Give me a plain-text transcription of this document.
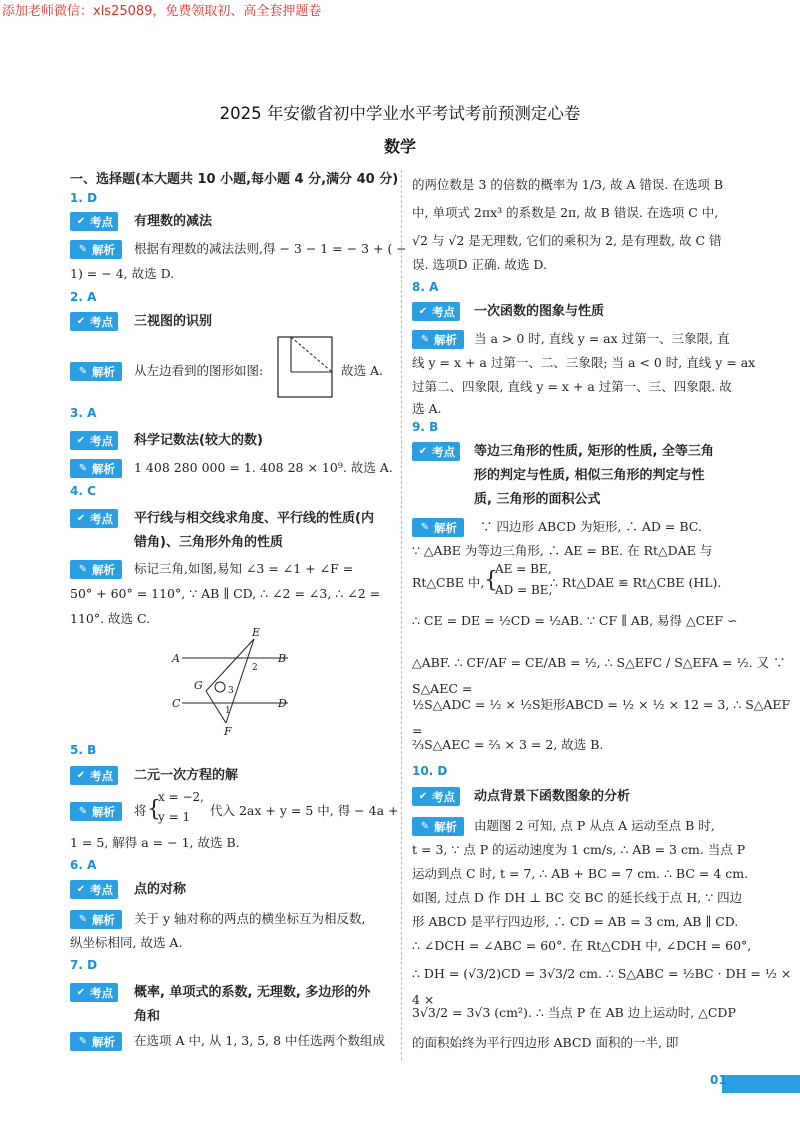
添加老师微信：xls25089，免费领取初、高全套押题卷
2025 年安徽省初中学业水平考试考前预测定心卷
数学
一、选择题(本大题共 10 小题,每小题 4 分,满分 40 分)
1. D
✔ 考点 有理数的减法
✎ 解析 根据有理数的减法法则,得 − 3 − 1 = − 3 + ( −
1) = − 4, 故选 D.
2. A
✔ 考点 三视图的识别
✎ 解析 从左边看到的图形如图:	故选 A.
3. A
✔ 考点 科学记数法(较大的数)
✎ 解析 1 408 280 000 = 1. 408 28 × 10⁹. 故选 A.
4. C
✔ 考点 平行线与相交线求角度、平行线的性质(内
错角)、三角形外角的性质
✎ 解析 标记三角,如图,易知 ∠3 = ∠1 + ∠F =
50° + 60° = 110°, ∵ AB ∥ CD, ∴ ∠2 = ∠3, ∴ ∠2 =
110°. 故选 C.
A	B
C	D
E
F
G
1
2
3
5. B
✔ 考点 二元一次方程的解
✎ 解析 将 {
x = −2,
y = 1 代入 2ax + y = 5 中, 得 − 4a +
1 = 5, 解得 a = − 1, 故选 B.
6. A
✔ 考点 点的对称
✎ 解析 关于 y 轴对称的两点的横坐标互为相反数,
纵坐标相同, 故选 A.
7. D
✔ 考点 概率, 单项式的系数, 无理数, 多边形的外
角和
✎ 解析 在选项 A 中, 从 1, 3, 5, 8 中任选两个数组成
的两位数是 3 的倍数的概率为 1/3, 故 A 错误. 在选项 B
中, 单项式 2πx³ 的系数是 2π, 故 B 错误. 在选项 C 中,
√2 与 √2 是无理数, 它们的乘积为 2, 是有理数, 故 C 错
误. 选项D 正确. 故选 D.
8. A
✔ 考点 一次函数的图象与性质
✎ 解析 当 a > 0 时, 直线 y = ax 过第一、三象限, 直
线 y = x + a 过第一、二、三象限; 当 a < 0 时, 直线 y = ax
过第二、四象限, 直线 y = x + a 过第一、三、四象限. 故
选 A.
9. B
✔ 考点 等边三角形的性质, 矩形的性质, 全等三角
形的判定与性质, 相似三角形的判定与性
质, 三角形的面积公式
✎ 解析 ∵ 四边形 ABCD 为矩形, ∴ AD = BC.
∵ △ABE 为等边三角形, ∴ AE = BE. 在 Rt△DAE 与
Rt△CBE 中, {
AE = BE,
AD = BE,
∴ Rt△DAE ≌ Rt△CBE (HL).
∴ CE = DE = ½CD = ½AB. ∵ CF ∥ AB, 易得 △CEF ∽
△ABF. ∴ CF/AF = CE/AB = ½, ∴ S△EFC / S△EFA = ½. 又 ∵ S△AEC =
½S△ADC = ½ × ½S矩形ABCD = ½ × ½ × 12 = 3, ∴ S△AEF =
⅔S△AEC = ⅔ × 3 = 2, 故选 B.
10. D
✔ 考点 动点背景下函数图象的分析
✎ 解析 由题图 2 可知, 点 P 从点 A 运动至点 B 时,
t = 3, ∵ 点 P 的运动速度为 1 cm/s, ∴ AB = 3 cm. 当点 P
运动到点 C 时, t = 7, ∴ AB + BC = 7 cm. ∴ BC = 4 cm.
如图, 过点 D 作 DH ⊥ BC 交 BC 的延长线于点 H, ∵ 四边
形 ABCD 是平行四边形, ∴ CD = AB = 3 cm, AB ∥ CD.
∴ ∠DCH = ∠ABC = 60°. 在 Rt△CDH 中, ∠DCH = 60°,
∴ DH = (√3/2)CD = 3√3/2 cm. ∴ S△ABC = ½BC · DH = ½ × 4 ×
3√3/2 = 3√3 (cm²). ∴ 当点 P 在 AB 边上运动时, △CDP
的面积始终为平行四边形 ABCD 面积的一半, 即
01
